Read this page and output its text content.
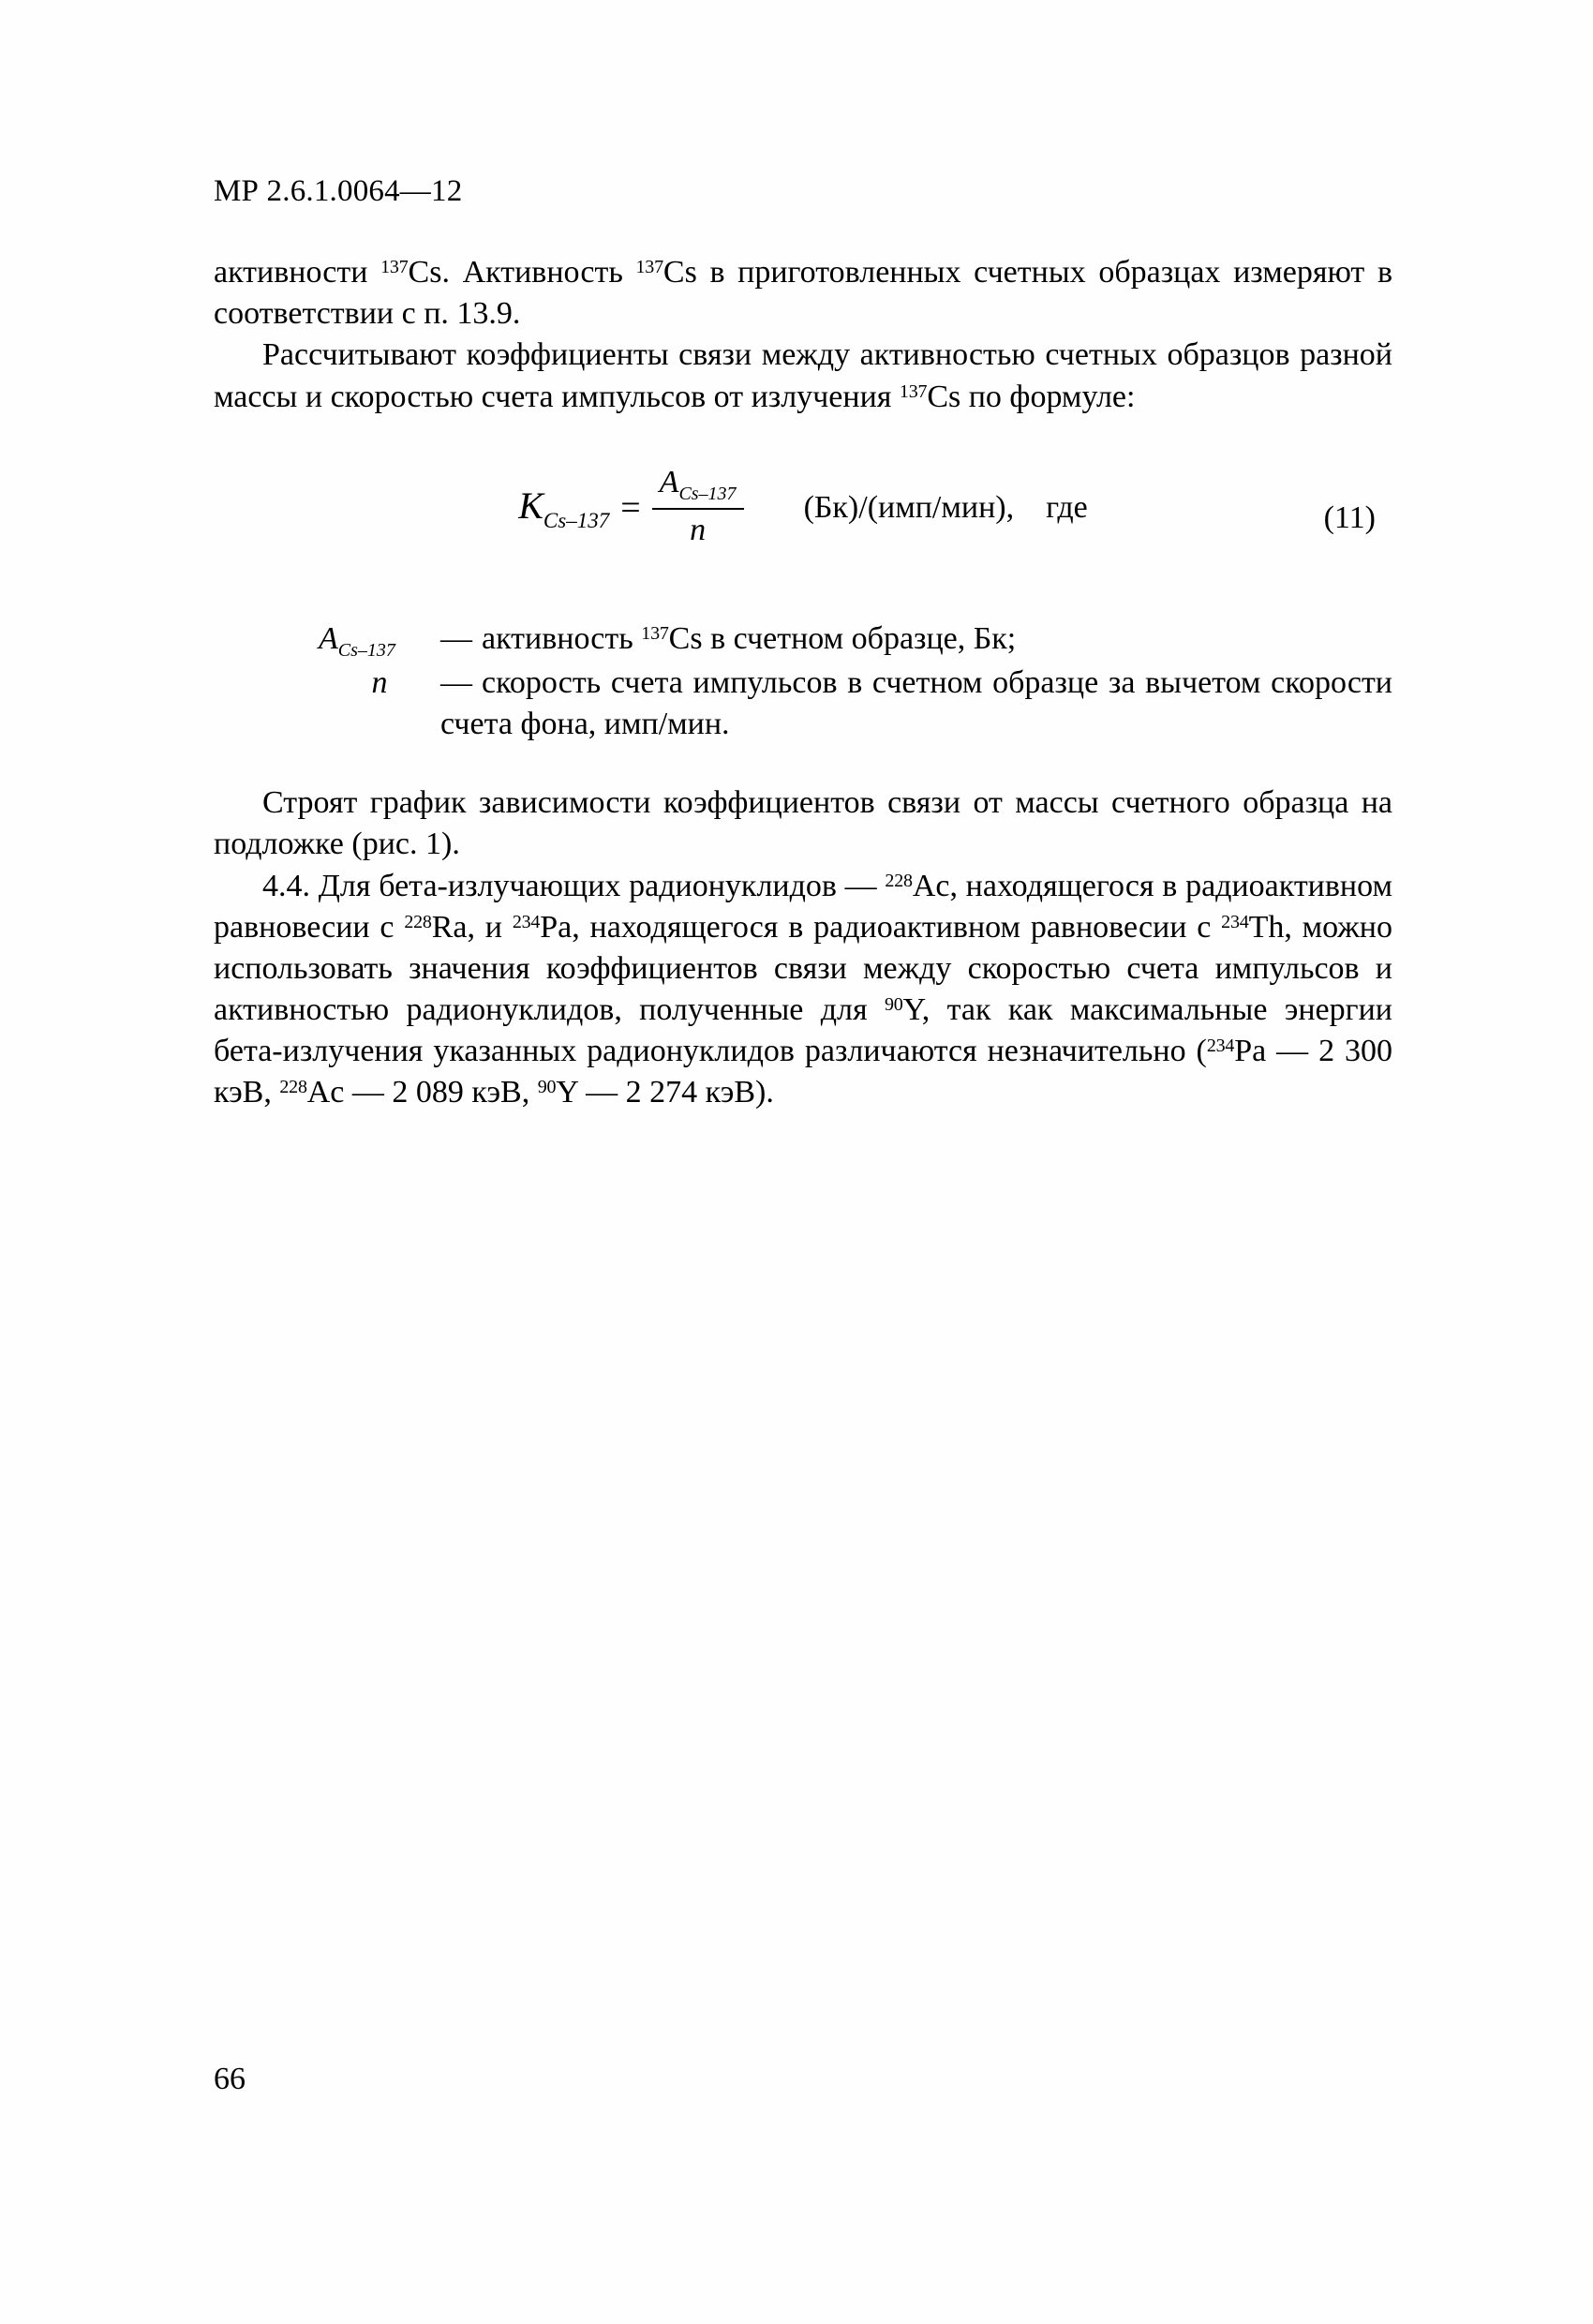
МР 2.6.1.0064—12

активности $^{137}$Cs. Активность $^{137}$Cs в приготовленных счетных образцах измеряют в соответствии с п. 13.9.

Рассчитывают коэффициенты связи между активностью счетных образцов разной массы и скоростью счета импульсов от излучения $^{137}$Cs по формуле:

$K_{Cs-137} = \frac{A_{Cs-137}}{n} (Бк)/(имп/мин)$, где	(11)
$A_{Cs-137}$	— активность $^{137}$Cs в счетном образце, Бк;
n	— скорость счета импульсов в счетном образце за вычетом скорости счета фона, имп/мин.

Строят график зависимости коэффициентов связи от массы счетного образца на подложке (рис. 1).

4.4. Для бета-излучающих радионуклидов — $^{228}$Ac, находящегося в радиоактивном равновесии с $^{228}$Ra, и $^{234}$Pa, находящегося в радиоактивном равновесии с $^{234}$Th, можно использовать значения коэффициентов связи между скоростью счета импульсов и активностью радионуклидов, полученные для $^{90}$Y, так как максимальные энергии бета-излучения указанных радионуклидов различаются незначительно ($^{234}$Pa — 2 300 кэВ, $^{228}$Ac — 2 089 кэВ, $^{90}$Y — 2 274 кэВ).

66
